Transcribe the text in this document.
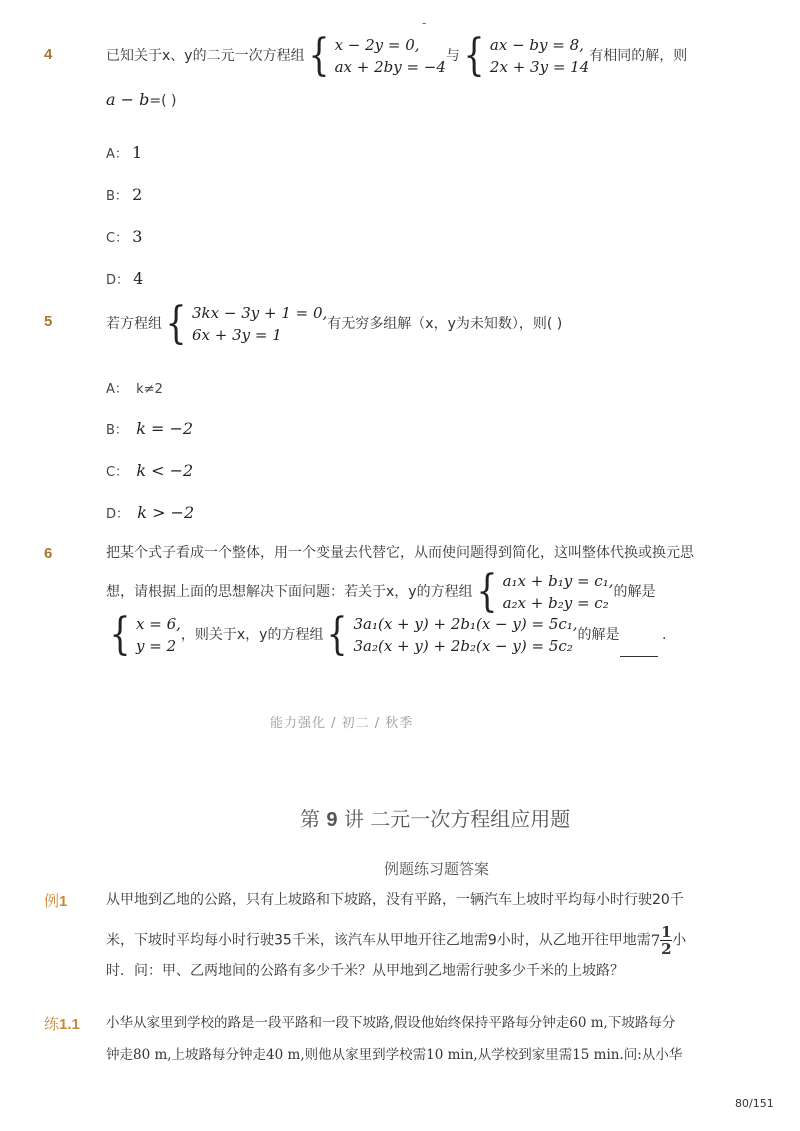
-
4	已知关于x、y的二元一次方程组 { x − 2y = 0,
ax + 2by = −4
与 { ax − by = 8,
2x + 3y = 14
有相同的解，则
a − b=( )
A： 1
B： 2
C： 3
D： 4
5	若方程组 { 3kx − 3y + 1 = 0,
6x + 3y = 1
有无穷多组解（x，y为未知数），则( )
A： k≠2
B： k = −2
C： k < −2
D： k > −2
6	把某个式子看成一个整体，用一个变量去代替它，从而使问题得到简化，这叫整体代换或换元思
想，请根据上面的思想解决下面问题：若关于x，y的方程组 { a₁x + b₁y = c₁,
a₂x + b₂y = c₂
的解是
{ x = 6,
y = 2
，则关于x，y的方程组 { 3a₁(x + y) + 2b₁(x − y) = 5c₁,
3a₂(x + y) + 2b₂(x − y) = 5c₂
的解是	.
能力强化 / 初二 / 秋季
第 9 讲 二元一次方程组应用题
例题练习题答案
例1	从甲地到乙地的公路，只有上坡路和下坡路，没有平路，一辆汽车上坡时平均每小时行驶20千
米，下坡时平均每小时行驶35千米，该汽车从甲地开往乙地需9小时，从乙地开往甲地需$7 \frac{1}{2}$ 小
时．问：甲、乙两地间的公路有多少千米？从甲地到乙地需行驶多少千米的上坡路？
练1.1 小华从家里到学校的路是一段平路和一段下坡路,假设他始终保持平路每分钟走60 m,下坡路每分
钟走80 m,上坡路每分钟走40 m,则他从家里到学校需10 min,从学校到家里需15 min.问:从小华
80/151
